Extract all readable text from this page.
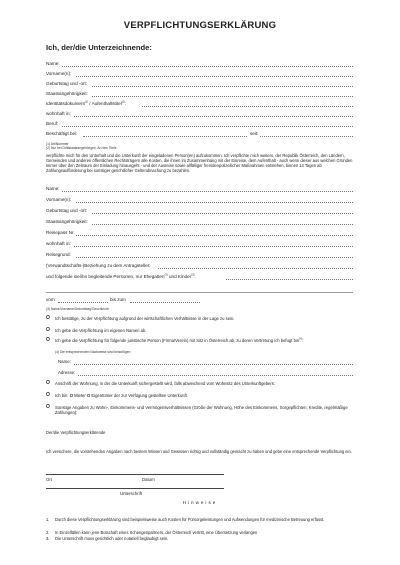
VERPFLICHTUNGSERKLÄRUNG
Ich, der/die Unterzeichnende:
Name:
Vorname(n):
Geburtstag und -ort:
Staatsangehörigkeit:
Identitätsdokument$^{(1)}$ / Aufenthaltstitel$^{(2)}$:
wohnhaft in:
Beruf:
Beschäftigt bei:	seit:
(1) Art/Nummer
(2) Nur bei Drittstaatsangehörigen, Art des Titels
verpflichte mich für den Unterhalt und die Unterkunft der eingeladenen Person(en) aufzukommen. Ich verpflichte mich weiters, der Republik Österreich, den Ländern, Gemeinden und anderen öffentlichen Rechtsträgern alle Kosten, die ihnen im Zusammenhang mit der Einreise, dem Aufenthalt - auch wenn dieser aus welchen Gründen immer über den Zeitraum der Einladung hinausgeht - und der Ausreise sowie allfälliger fremdenpolizeilicher Maßnahmen entstehen, binnen 14 Tagen ab Zahlungsaufforderung bei sonstiger gerichtlicher Geltendmachung zu bezahlen.
Name:
Vorname(n):
Geburtstag und -ort:
Staatsangehörigkeit:
Reisepass Nr.
wohnhaft in:
Reisegrund:
(Verwandtschafts-)Beziehung zu dem Antragsteller:
und folgende sie/ihn begleitende Personen, nur Ehegatten$^{(3)}$ und Kinder$^{(3)}$:
vom	bis zum
(3) Name/Vorname/Geburtstag/Geschlecht
O Ich bestätige, zu der Verpflichtung aufgrund der wirtschaftlichen Verhältnisse in der Lage zu sein.
O Ich gebe die Verpflichtung im eigenen Namen ab.
O Ich gebe die Verpflichtung für folgende juristische Person (Firma/Verein) mit Sitz in Österreich ab, zu deren Vertretung ich befugt bin$^{(4)}$:
(4) Die entsprechenden Nachweise sind beizufügen
Name:
Adresse:
O Anschrift der Wohnung, in der die Unterkunft sichergestellt wird, falls abweichend vom Wohnsitz des Unterkunftgebers:
O Ich bin: O Mieter O Eigentümer der zur Verfügung gestellten Unterkunft.
O Sonstige Angaben zu Wohn-, Einkommens- und Vermögensverhältnissen (Größe der Wohnung, Höhe des Einkommens, Sorgepflichten, Kredite, regelmäßige Zahlungen):
Der/die Verpflichtungserklärende
Ich versichere, die vorstehenden Angaben nach bestem Wissen und Gewissen richtig und vollständig gemacht zu haben und gebe eine entsprechende Verpflichtung ein.
Ort	Datum
Unterschrift
Hinweise
1. Durch diese Verpflichtungserklärung sind beispielsweise auch Kosten für Fürsorgeleistungen und Aufwendungen für medizinische Betreuung erfasst.
2. In Einzelfällen kann jene Botschaft eines Schengenpartners, der Österreich vertritt, eine Übersetzung verlangen
3. Die Unterschrift muss gerichtlich oder notariell beglaubigt sein.
